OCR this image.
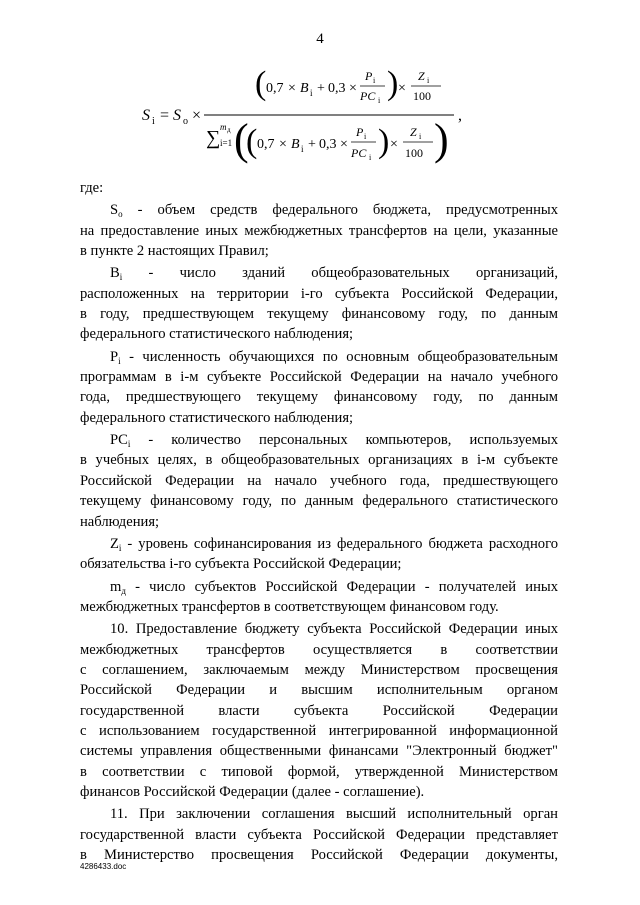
4
S i = S o ×
( 0,7 × B i + 0,3 ×
P i
PC i ) ×
Z i
100
∑ m д
i=1 (
( 0,7 × B i + 0,3 ×
P i
PC i ) ×
Z i
100 ) ,

где:

$S_o$ - объем средств федерального бюджета, предусмотренных

на предоставление иных межбюджетных трансфертов на цели, указанные

в пункте 2 настоящих Правил;

$B_i$ - число зданий общеобразовательных организаций,

расположенных на территории i-го субъекта Российской Федерации,

в году, предшествующем текущему финансовому году, по данным

федерального статистического наблюдения;

$P_i$ - численность обучающихся по основным общеобразовательным

программам в i-м субъекте Российской Федерации на начало учебного

года, предшествующего текущему финансовому году, по данным

федерального статистического наблюдения;

$PC_i$ - количество персональных компьютеров, используемых

в учебных целях, в общеобразовательных организациях в i-м субъекте

Российской Федерации на начало учебного года, предшествующего

текущему финансовому году, по данным федерального статистического

наблюдения;

$Z_i$ - уровень софинансирования из федерального бюджета расходного

обязательства i-го субъекта Российской Федерации;

$m_д$ - число субъектов Российской Федерации - получателей иных

межбюджетных трансфертов в соответствующем финансовом году.

10. Предоставление бюджету субъекта Российской Федерации иных

межбюджетных трансфертов осуществляется в соответствии

с соглашением, заключаемым между Министерством просвещения

Российской Федерации и высшим исполнительным органом

государственной власти субъекта Российской Федерации

с использованием государственной интегрированной информационной

системы управления общественными финансами "Электронный бюджет"

в соответствии с типовой формой, утвержденной Министерством

финансов Российской Федерации (далее - соглашение).

11. При заключении соглашения высший исполнительный орган

государственной власти субъекта Российской Федерации представляет

в Министерство просвещения Российской Федерации документы,

4286433.doc
